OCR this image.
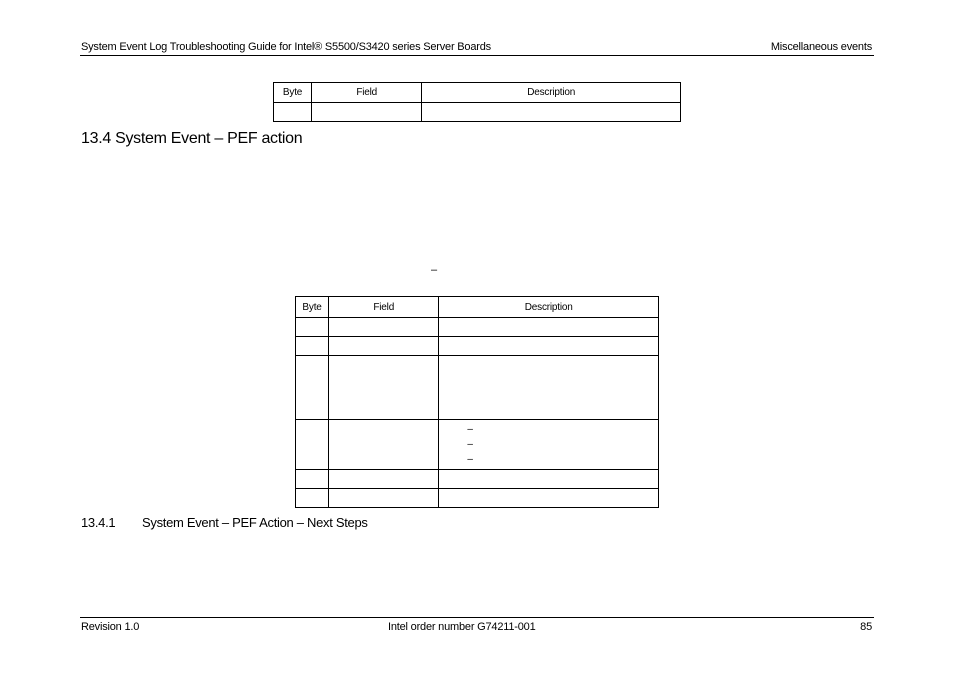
System Event Log Troubleshooting Guide for Intel® S5500/S3420 series Server Boards	Miscellaneous events
Byte	Field	Description

13.4 System Event – PEF action
–
Byte	Field	Description

		–
–
–

13.4.1 System Event – PEF Action – Next Steps
Revision 1.0	Intel order number G74211-001	85
